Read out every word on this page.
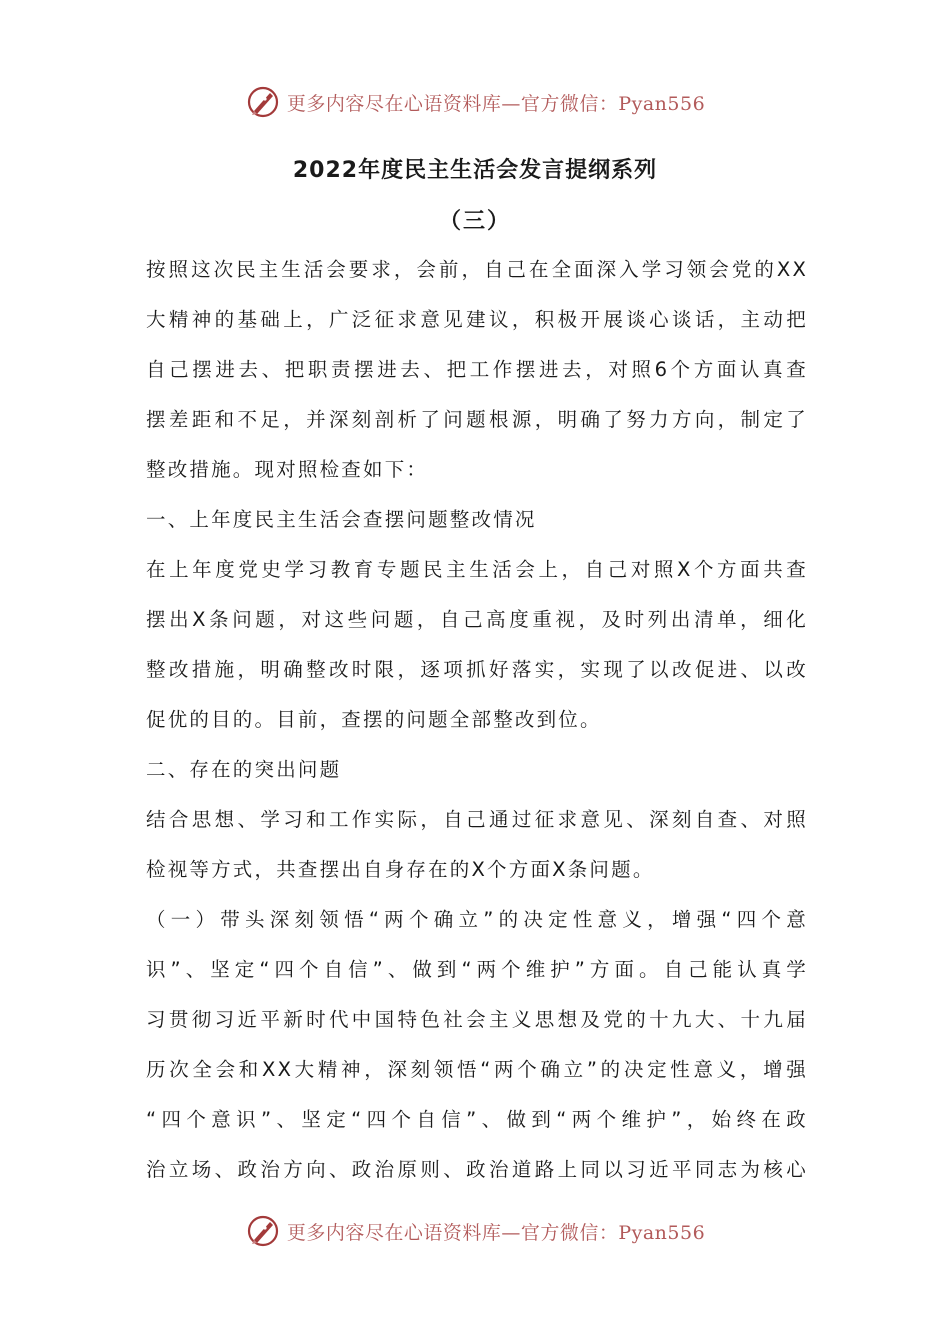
更多内容尽在心语资料库—官方微信：Pyan556
2022年度民主生活会发言提纲系列
（三）
按照这次民主生活会要求，会前，自己在全面深入学习领会党的XX
大精神的基础上，广泛征求意见建议，积极开展谈心谈话，主动把
自己摆进去、把职责摆进去、把工作摆进去，对照6个方面认真查
摆差距和不足，并深刻剖析了问题根源，明确了努力方向，制定了
整改措施。现对照检查如下：
一、上年度民主生活会查摆问题整改情况
在上年度党史学习教育专题民主生活会上，自己对照X个方面共查
摆出X条问题，对这些问题，自己高度重视，及时列出清单，细化
整改措施，明确整改时限，逐项抓好落实，实现了以改促进、以改
促优的目的。目前，查摆的问题全部整改到位。
二、存在的突出问题
结合思想、学习和工作实际，自己通过征求意见、深刻自查、对照
检视等方式，共查摆出自身存在的X个方面X条问题。
（一）带头深刻领悟“两个确立”的决定性意义，增强“四个意
识”、坚定“四个自信”、做到“两个维护”方面。自己能认真学
习贯彻习近平新时代中国特色社会主义思想及党的十九大、十九届
历次全会和XX大精神，深刻领悟“两个确立”的决定性意义，增强
“四个意识”、坚定“四个自信”、做到“两个维护”，始终在政
治立场、政治方向、政治原则、政治道路上同以习近平同志为核心
更多内容尽在心语资料库—官方微信：Pyan556
